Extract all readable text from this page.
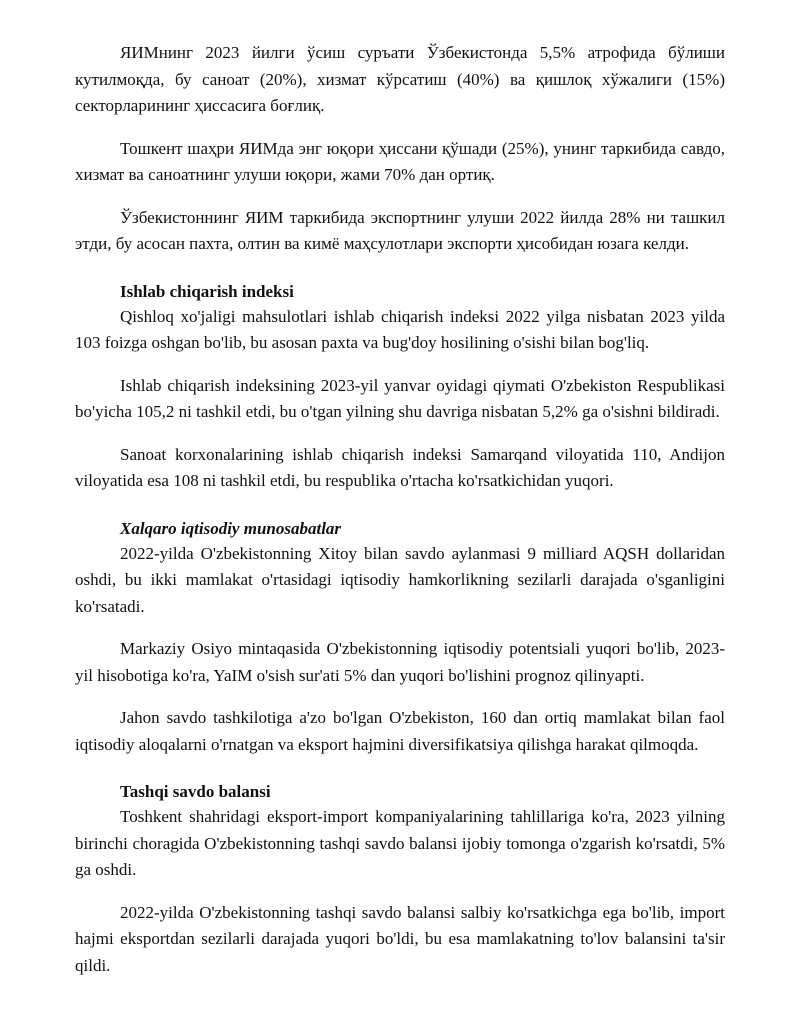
ЯИМнинг 2023 йилги ўсиш суръати Ўзбекистонда 5,5% атрофида бўлиши кутилмоқда, бу саноат (20%), хизмат кўрсатиш (40%) ва қишлоқ хўжалиги (15%) секторларининг ҳиссасига боғлиқ.

Тошкент шаҳри ЯИМда энг юқори ҳиссани қўшади (25%), унинг таркибида савдо, хизмат ва саноатнинг улуши юқори, жами 70% дан ортиқ.

Ўзбекистоннинг ЯИМ таркибида экспортнинг улуши 2022 йилда 28% ни ташкил этди, бу асосан пахта, олтин ва кимё маҳсулотлари экспорти ҳисобидан юзага келди.

Ishlab chiqarish indeksi

Qishloq xo'jaligi mahsulotlari ishlab chiqarish indeksi 2022 yilga nisbatan 2023 yilda 103 foizga oshgan bo'lib, bu asosan paxta va bug'doy hosilining o'sishi bilan bog'liq.

Ishlab chiqarish indeksining 2023-yil yanvar oyidagi qiymati O'zbekiston Respublikasi bo'yicha 105,2 ni tashkil etdi, bu o'tgan yilning shu davriga nisbatan 5,2% ga o'sishni bildiradi.

Sanoat korxonalarining ishlab chiqarish indeksi Samarqand viloyatida 110, Andijon viloyatida esa 108 ni tashkil etdi, bu respublika o'rtacha ko'rsatkichidan yuqori.

Xalqaro iqtisodiy munosabatlar

2022-yilda O'zbekistonning Xitoy bilan savdo aylanmasi 9 milliard AQSH dollaridan oshdi, bu ikki mamlakat o'rtasidagi iqtisodiy hamkorlikning sezilarli darajada o'sganligini ko'rsatadi.

Markaziy Osiyo mintaqasida O'zbekistonning iqtisodiy potentsiali yuqori bo'lib, 2023-yil hisobotiga ko'ra, YaIM o'sish sur'ati 5% dan yuqori bo'lishini prognoz qilinyapti.

Jahon savdo tashkilotiga a'zo bo'lgan O'zbekiston, 160 dan ortiq mamlakat bilan faol iqtisodiy aloqalarni o'rnatgan va eksport hajmini diversifikatsiya qilishga harakat qilmoqda.

Tashqi savdo balansi

Toshkent shahridagi eksport-import kompaniyalarining tahlillariga ko'ra, 2023 yilning birinchi choragida O'zbekistonning tashqi savdo balansi ijobiy tomonga o'zgarish ko'rsatdi, 5% ga oshdi.

2022-yilda O'zbekistonning tashqi savdo balansi salbiy ko'rsatkichga ega bo'lib, import hajmi eksportdan sezilarli darajada yuqori bo'ldi, bu esa mamlakatning to'lov balansini ta'sir qildi.
